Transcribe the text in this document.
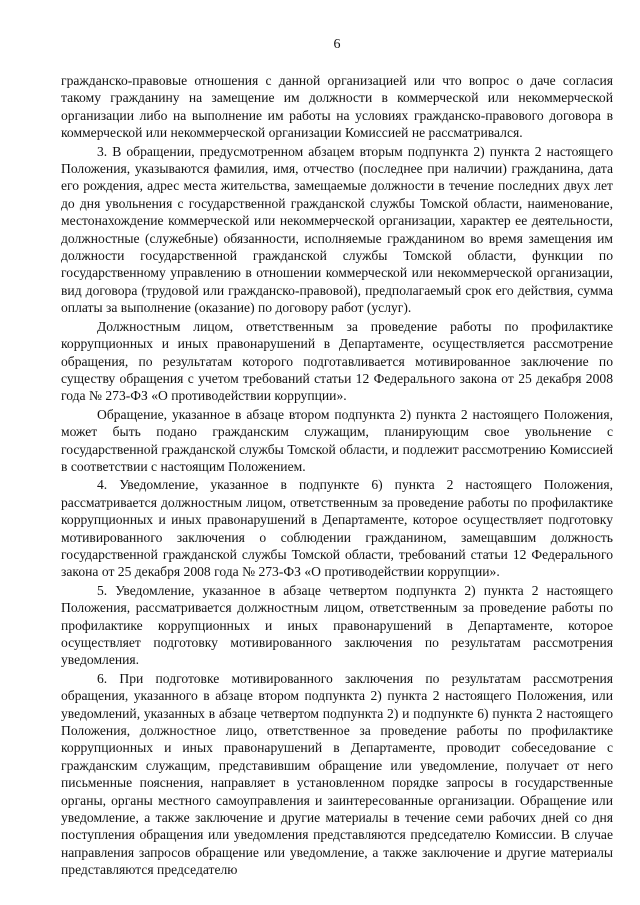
6

гражданско-правовые отношения с данной организацией или что вопрос о даче согласия такому гражданину на замещение им должности в коммерческой или некоммерческой организации либо на выполнение им работы на условиях гражданско-правового договора в коммерческой или некоммерческой организации Комиссией не рассматривался.

3. В обращении, предусмотренном абзацем вторым подпункта 2) пункта 2 настоящего Положения, указываются фамилия, имя, отчество (последнее при наличии) гражданина, дата его рождения, адрес места жительства, замещаемые должности в течение последних двух лет до дня увольнения с государственной гражданской службы Томской области, наименование, местонахождение коммерческой или некоммерческой организации, характер ее деятельности, должностные (служебные) обязанности, исполняемые гражданином во время замещения им должности государственной гражданской службы Томской области, функции по государственному управлению в отношении коммерческой или некоммерческой организации, вид договора (трудовой или гражданско-правовой), предполагаемый срок его действия, сумма оплаты за выполнение (оказание) по договору работ (услуг).

Должностным лицом, ответственным за проведение работы по профилактике коррупционных и иных правонарушений в Департаменте, осуществляется рассмотрение обращения, по результатам которого подготавливается мотивированное заключение по существу обращения с учетом требований статьи 12 Федерального закона от 25 декабря 2008 года № 273-ФЗ «О противодействии коррупции».

Обращение, указанное в абзаце втором подпункта 2) пункта 2 настоящего Положения, может быть подано гражданским служащим, планирующим свое увольнение с государственной гражданской службы Томской области, и подлежит рассмотрению Комиссией в соответствии с настоящим Положением.

4. Уведомление, указанное в подпункте 6) пункта 2 настоящего Положения, рассматривается должностным лицом, ответственным за проведение работы по профилактике коррупционных и иных правонарушений в Департаменте, которое осуществляет подготовку мотивированного заключения о соблюдении гражданином, замещавшим должность государственной гражданской службы Томской области, требований статьи 12 Федерального закона от 25 декабря 2008 года № 273-ФЗ «О противодействии коррупции».

5. Уведомление, указанное в абзаце четвертом подпункта 2) пункта 2 настоящего Положения, рассматривается должностным лицом, ответственным за проведение работы по профилактике коррупционных и иных правонарушений в Департаменте, которое осуществляет подготовку мотивированного заключения по результатам рассмотрения уведомления.

6. При подготовке мотивированного заключения по результатам рассмотрения обращения, указанного в абзаце втором подпункта 2) пункта 2 настоящего Положения, или уведомлений, указанных в абзаце четвертом подпункта 2) и подпункте 6) пункта 2 настоящего Положения, должностное лицо, ответственное за проведение работы по профилактике коррупционных и иных правонарушений в Департаменте, проводит собеседование с гражданским служащим, представившим обращение или уведомление, получает от него письменные пояснения, направляет в установленном порядке запросы в государственные органы, органы местного самоуправления и заинтересованные организации. Обращение или уведомление, а также заключение и другие материалы в течение семи рабочих дней со дня поступления обращения или уведомления представляются председателю Комиссии. В случае направления запросов обращение или уведомление, а также заключение и другие материалы представляются председателю
